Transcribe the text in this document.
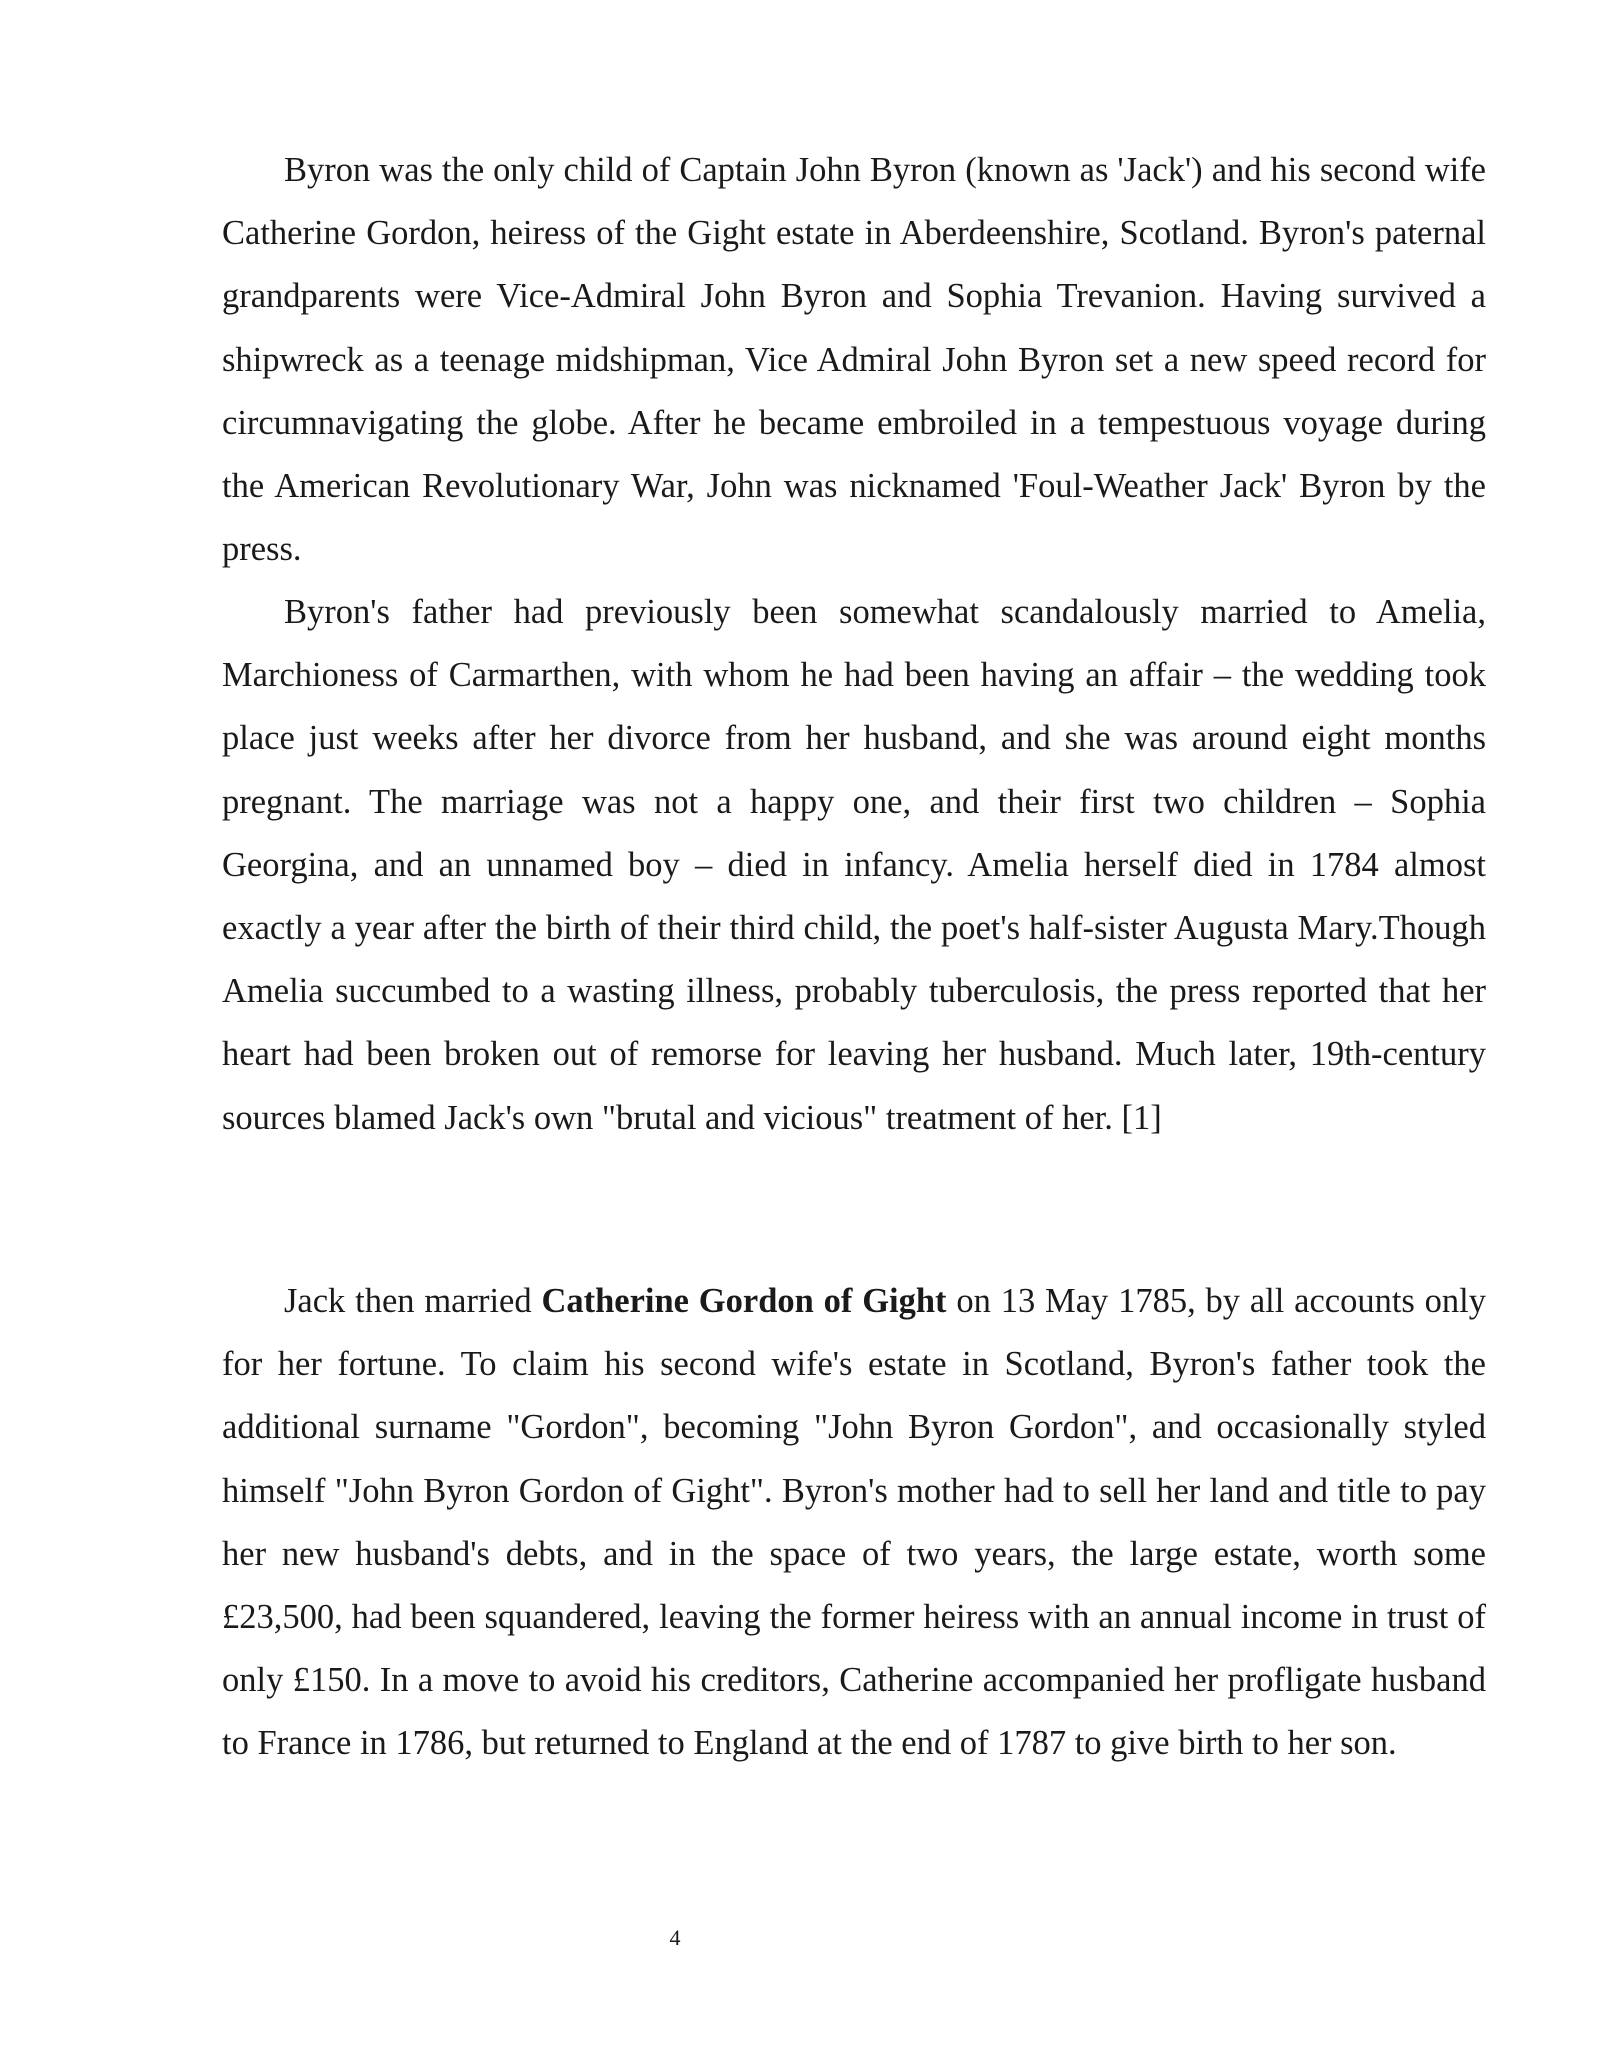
Byron was the only child of Captain John Byron (known as 'Jack') and his second wife Catherine Gordon, heiress of the Gight estate in Aberdeenshire, Scotland. Byron's paternal grandparents were Vice-Admiral John Byron and Sophia Trevanion. Having survived a shipwreck as a teenage midshipman, Vice Admiral John Byron set a new speed record for circumnavigating the globe. After he became embroiled in a tempestuous voyage during the American Revolutionary War, John was nicknamed 'Foul-Weather Jack' Byron by the press.

Byron's father had previously been somewhat scandalously married to Amelia, Marchioness of Carmarthen, with whom he had been having an affair – the wedding took place just weeks after her divorce from her husband, and she was around eight months pregnant. The marriage was not a happy one, and their first two children – Sophia Georgina, and an unnamed boy – died in infancy. Amelia herself died in 1784 almost exactly a year after the birth of their third child, the poet's half-sister Augusta Mary.Though Amelia succumbed to a wasting illness, probably tuberculosis, the press reported that her heart had been broken out of remorse for leaving her husband. Much later, 19th-century sources blamed Jack's own "brutal and vicious" treatment of her. [1]

Jack then married Catherine Gordon of Gight on 13 May 1785, by all accounts only for her fortune. To claim his second wife's estate in Scotland, Byron's father took the additional surname "Gordon", becoming "John Byron Gordon", and occasionally styled himself "John Byron Gordon of Gight". Byron's mother had to sell her land and title to pay her new husband's debts, and in the space of two years, the large estate, worth some £23,500, had been squandered, leaving the former heiress with an annual income in trust of only £150. In a move to avoid his creditors, Catherine accompanied her profligate husband to France in 1786, but returned to England at the end of 1787 to give birth to her son.

4
